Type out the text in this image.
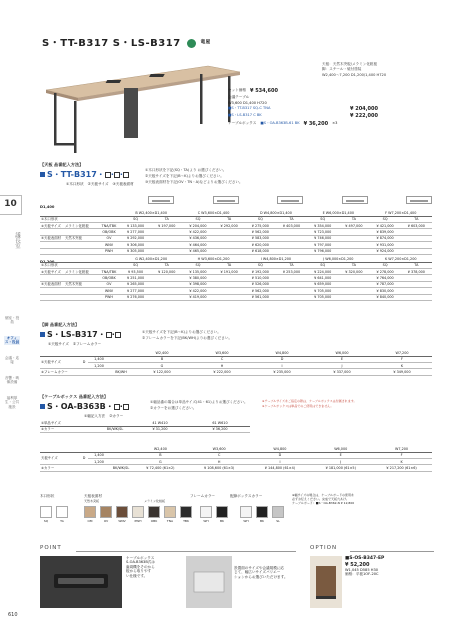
S・TT-B317 S・LS-B317	竜屋
天板：天然木突板/メラミン化粧板
脚：スチール・焼付塗装
W2,400～7,200 D1,200/1,400 H720
セット価格 ¥ 534,600
会議テーブル
W3,600 D1,400 H720
■S・TT-B317 SQ-C TNA	¥ 204,000
■S・LS-B317 C BK	¥ 222,000
ケーブルボックス ■S・OA-B363B-61 BK ¥ 36,200 ×3
10
議長室
個室・役員
オフィス・役員
会議・応接
音響・映像設備
福利厚生・公共施設
【天板 品番記入方法】
S・TT-B317・ · ·
①木口形状 ②天板サイズ ③天板表面材
①木口形状を下記(SQ・TA)より お選びください。
②天板サイズを下記(B～K)よりお選びください。
③天板表面材を下記(OV・TN・A)などよりお選びください。
D1,400
			B W2,400×D1,400		C W3,600×D1,400		D W4,800×D1,400		E W6,000×D1,400		F W7,200×D1,400	
①木口形状			SQ	TA	SQ	TA	SQ	TA	SQ	TA	SQ	TA
②天板サイズ	メラミン化粧板	TNA/TBK	¥ 133,000	¥ 197,000	¥ 204,000	¥ 292,000	¥ 275,000	¥ 403,000	¥ 354,000	¥ 497,000	¥ 421,000	¥ 603,000
		OB/OBK	¥ 277,000		¥ 422,000		¥ 562,000		¥ 723,000		¥ 839,000	
③天板表面材	天然木突板	OV	¥ 292,000		¥ 436,000		¥ 583,000		¥ 746,000		¥ 874,000	
		WNV	¥ 306,000		¥ 464,000		¥ 620,000		¥ 797,000		¥ 931,000	
		PWH	¥ 305,000		¥ 465,000		¥ 618,000		¥ 796,000		¥ 924,000	
D1,200
			G W2,400×D1,200		H W3,600×D1,200		I W4,800×D1,200		J W6,000×D1,200		K W7,200×D1,200	
①木口形状			SQ	TA	SQ	TA	SQ	TA	SQ	TA	SQ	TA
②天板サイズ	メラミン化粧板	TNA/TBK	¥ 93,500	¥ 120,000	¥ 135,000	¥ 191,000	¥ 192,000	¥ 253,000	¥ 224,000	¥ 320,000	¥ 278,000	¥ 378,000
		OB/OBK	¥ 251,000		¥ 380,000		¥ 510,000		¥ 641,000		¥ 764,000	
③天板表面材	天然木突板	OV	¥ 265,000		¥ 398,000		¥ 526,000		¥ 659,000		¥ 787,000	
		WNV	¥ 277,000		¥ 422,000		¥ 562,000		¥ 705,000		¥ 830,000	
		PWH	¥ 276,000		¥ 419,000		¥ 561,000		¥ 705,000		¥ 840,000	
【脚 品番記入方法】
S・LS-B317・ ·
①天板サイズ ②フレームカラー
①天板サイズを下記(B～K)よりお選びください。
②フレームカラーを下記(BK/WH)よりお選びください。
				W2,400	W3,600	W4,800	W6,000	W7,200
①天板サイズ	D	1,400		B	C	D	E	F
		1,200		G	H	I	J	K
②フレームカラー			BK/WH	¥ 122,000	¥ 222,000	¥ 235,000	¥ 337,000	¥ 349,000
【ケーブルボックス 品番記入方法】
S・OA-B363B・ ·
①幅記入方法 ②カラー
①幅品番の場合は単品サイズ(41・61)よりお選びください。
②カラーをお選びください。
※テーブルサイズをご指定の際は、ケーブルボックスは付属されます。
※ケーブルボックスは単品でのご使用はできません。
①単品サイズ		41 W410	61 W610
②カラー	BK/WK/SL	¥ 31,200	¥ 36,200
				W2,400	W3,600	W4,800	W6,000	W7,200
天板サイズ	D	1,400		B	C	D	E	F
		1,200		G	H	I	J	K
②カラー			BK/WK/SL	¥ 72,400 (61×2)	¥ 108,600 (61×3)	¥ 144,800 (61×4)	¥ 181,000 (61×5)	¥ 217,200 (61×6)
木口形状	天板表面材
天然木突板	メラミン化粧板
フレームカラー	配線ボックスカラー	※幅サイズの場合は、ケーブルボードの使用を
必ずお伝えください。完成で天板穴あけ。
ケーブルボード：■S・OA-B362-N ¥ 12,800
SQ	TA	OM	OV	WNV	PWH	OBK	TNA	TBK	WH	BK	WH	BK	SL
POINT	OPTION
ケーブルボックス
S-OA-B363B式は
歯周機をそのから
板から取りやす
い仕様です。
設置面のサイズや会議規模に応
じて、幅広いサイズバリエー
ションからお選びいただけます。
■S-OS-B347-EP
¥ 52,200
W1,045 D585 H30
価格：平板1OF-20C
610
